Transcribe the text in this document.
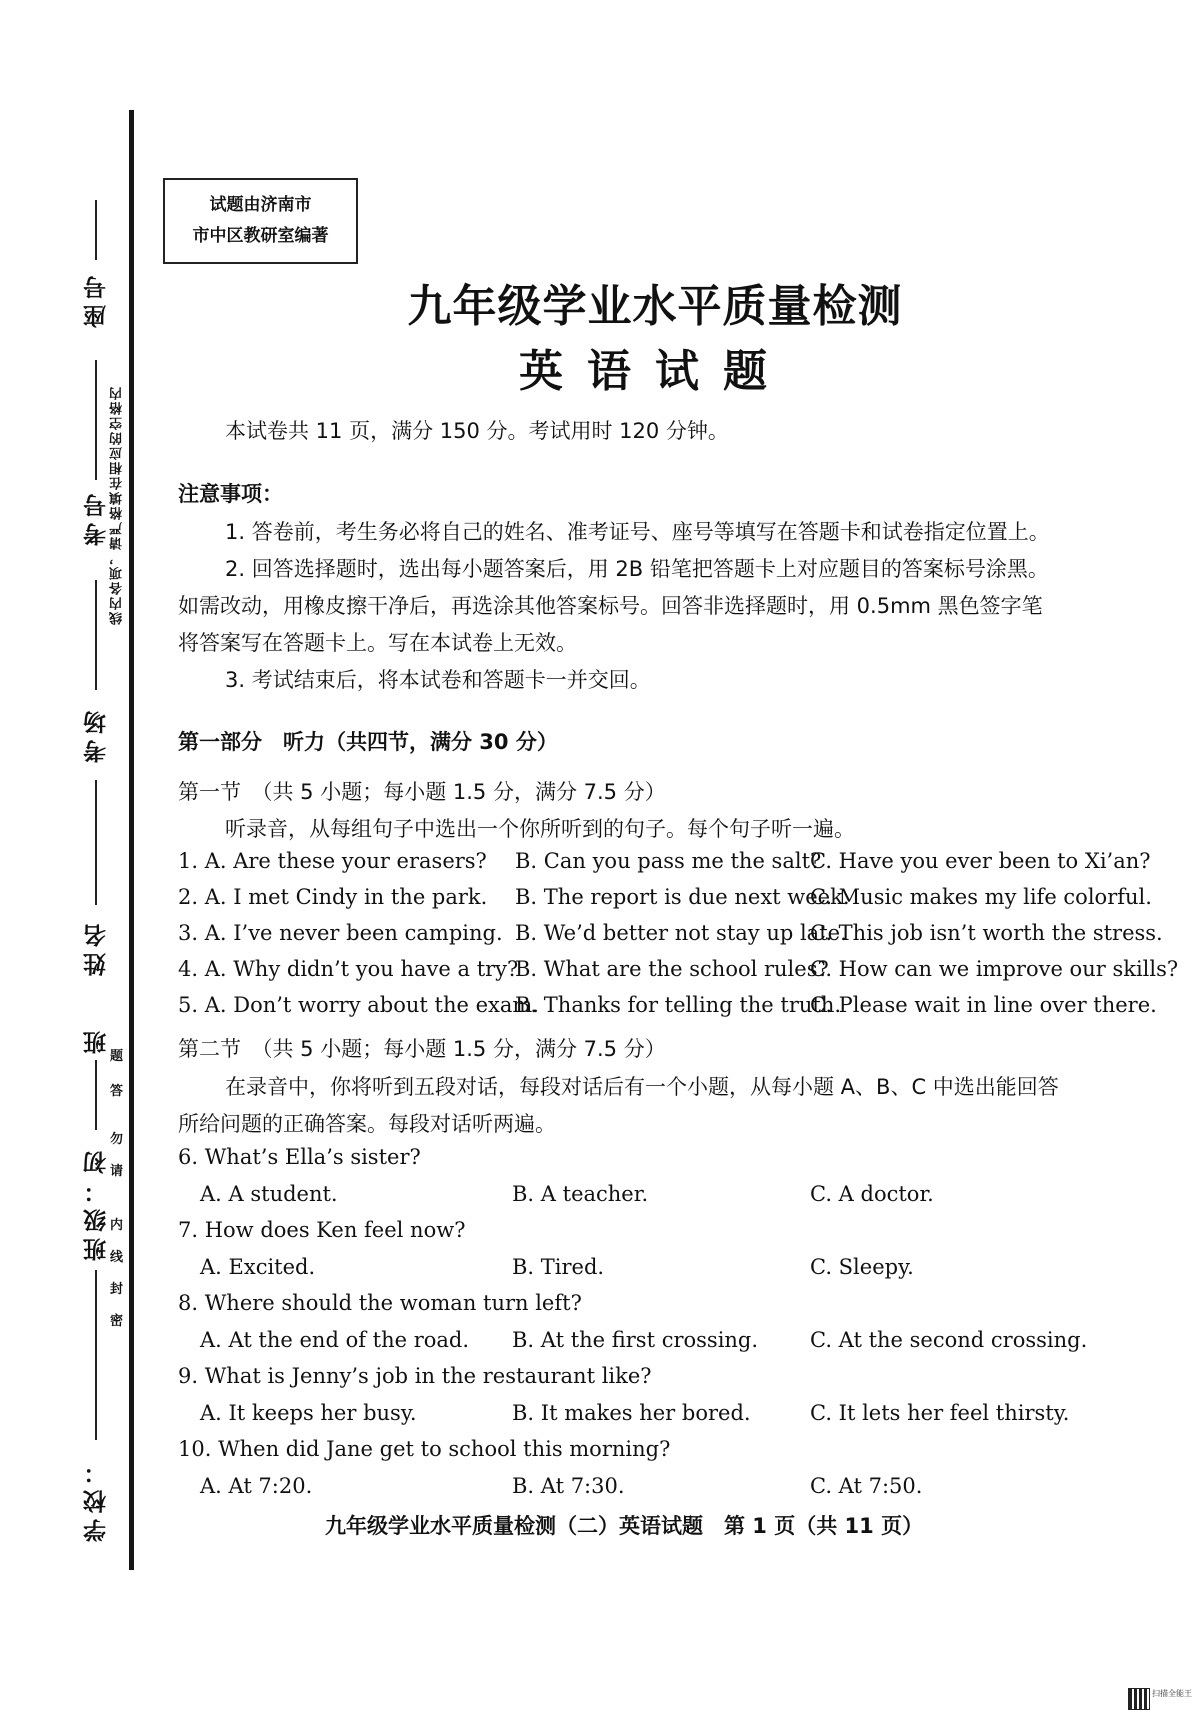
座号
考号 线内各项，请严格填在相应的空格内
考场
姓名
班
班级：初
学校：
密
封
线
内
请
勿
答
题
试题由济南市
市中区教研室编著
九年级学业水平质量检测
英语试题
本试卷共 11 页，满分 150 分。考试用时 120 分钟。
注意事项：
1. 答卷前，考生务必将自己的姓名、准考证号、座号等填写在答题卡和试卷指定位置上。
2. 回答选择题时，选出每小题答案后，用 2B 铅笔把答题卡上对应题目的答案标号涂黑。
如需改动，用橡皮擦干净后，再选涂其他答案标号。回答非选择题时，用 0.5mm 黑色签字笔
将答案写在答题卡上。写在本试卷上无效。
3. 考试结束后，将本试卷和答题卡一并交回。
第一部分　听力（共四节，满分 30 分）
第一节　（共 5 小题；每小题 1.5 分，满分 7.5 分）
听录音，从每组句子中选出一个你所听到的句子。每个句子听一遍。
1. A. Are these your erasers? B. Can you pass me the salt?
C. Have you ever been to Xi’an?
2. A. I met Cindy in the park. B. The report is due next week.
C. Music makes my life colorful.
3. A. I’ve never been camping. B. We’d better not stay up late.
C. This job isn’t worth the stress.
4. A. Why didn’t you have a try?
B. What are the school rules?
C. How can we improve our skills?
5. A. Don’t worry about the exam.
B. Thanks for telling the truth.
C. Please wait in line over there.
第二节　（共 5 小题；每小题 1.5 分，满分 7.5 分）
在录音中，你将听到五段对话，每段对话后有一个小题，从每小题 A、B、C 中选出能回答
所给问题的正确答案。每段对话听两遍。
6. What’s Ella’s sister?
A. A student.	B. A teacher.	C. A doctor.
7. How does Ken feel now?
A. Excited.	B. Tired.	C. Sleepy.
8. Where should the woman turn left?
A. At the end of the road. B. At the first crossing. C. At the second crossing.
9. What is Jenny’s job in the restaurant like?
A. It keeps her busy.	B. It makes her bored.	C. It lets her feel thirsty.
10. When did Jane get to school this morning?
A. At 7:20.	B. At 7:30.	C. At 7:50.
九年级学业水平质量检测（二）英语试题　第 1 页（共 11 页）
扫描全能王
